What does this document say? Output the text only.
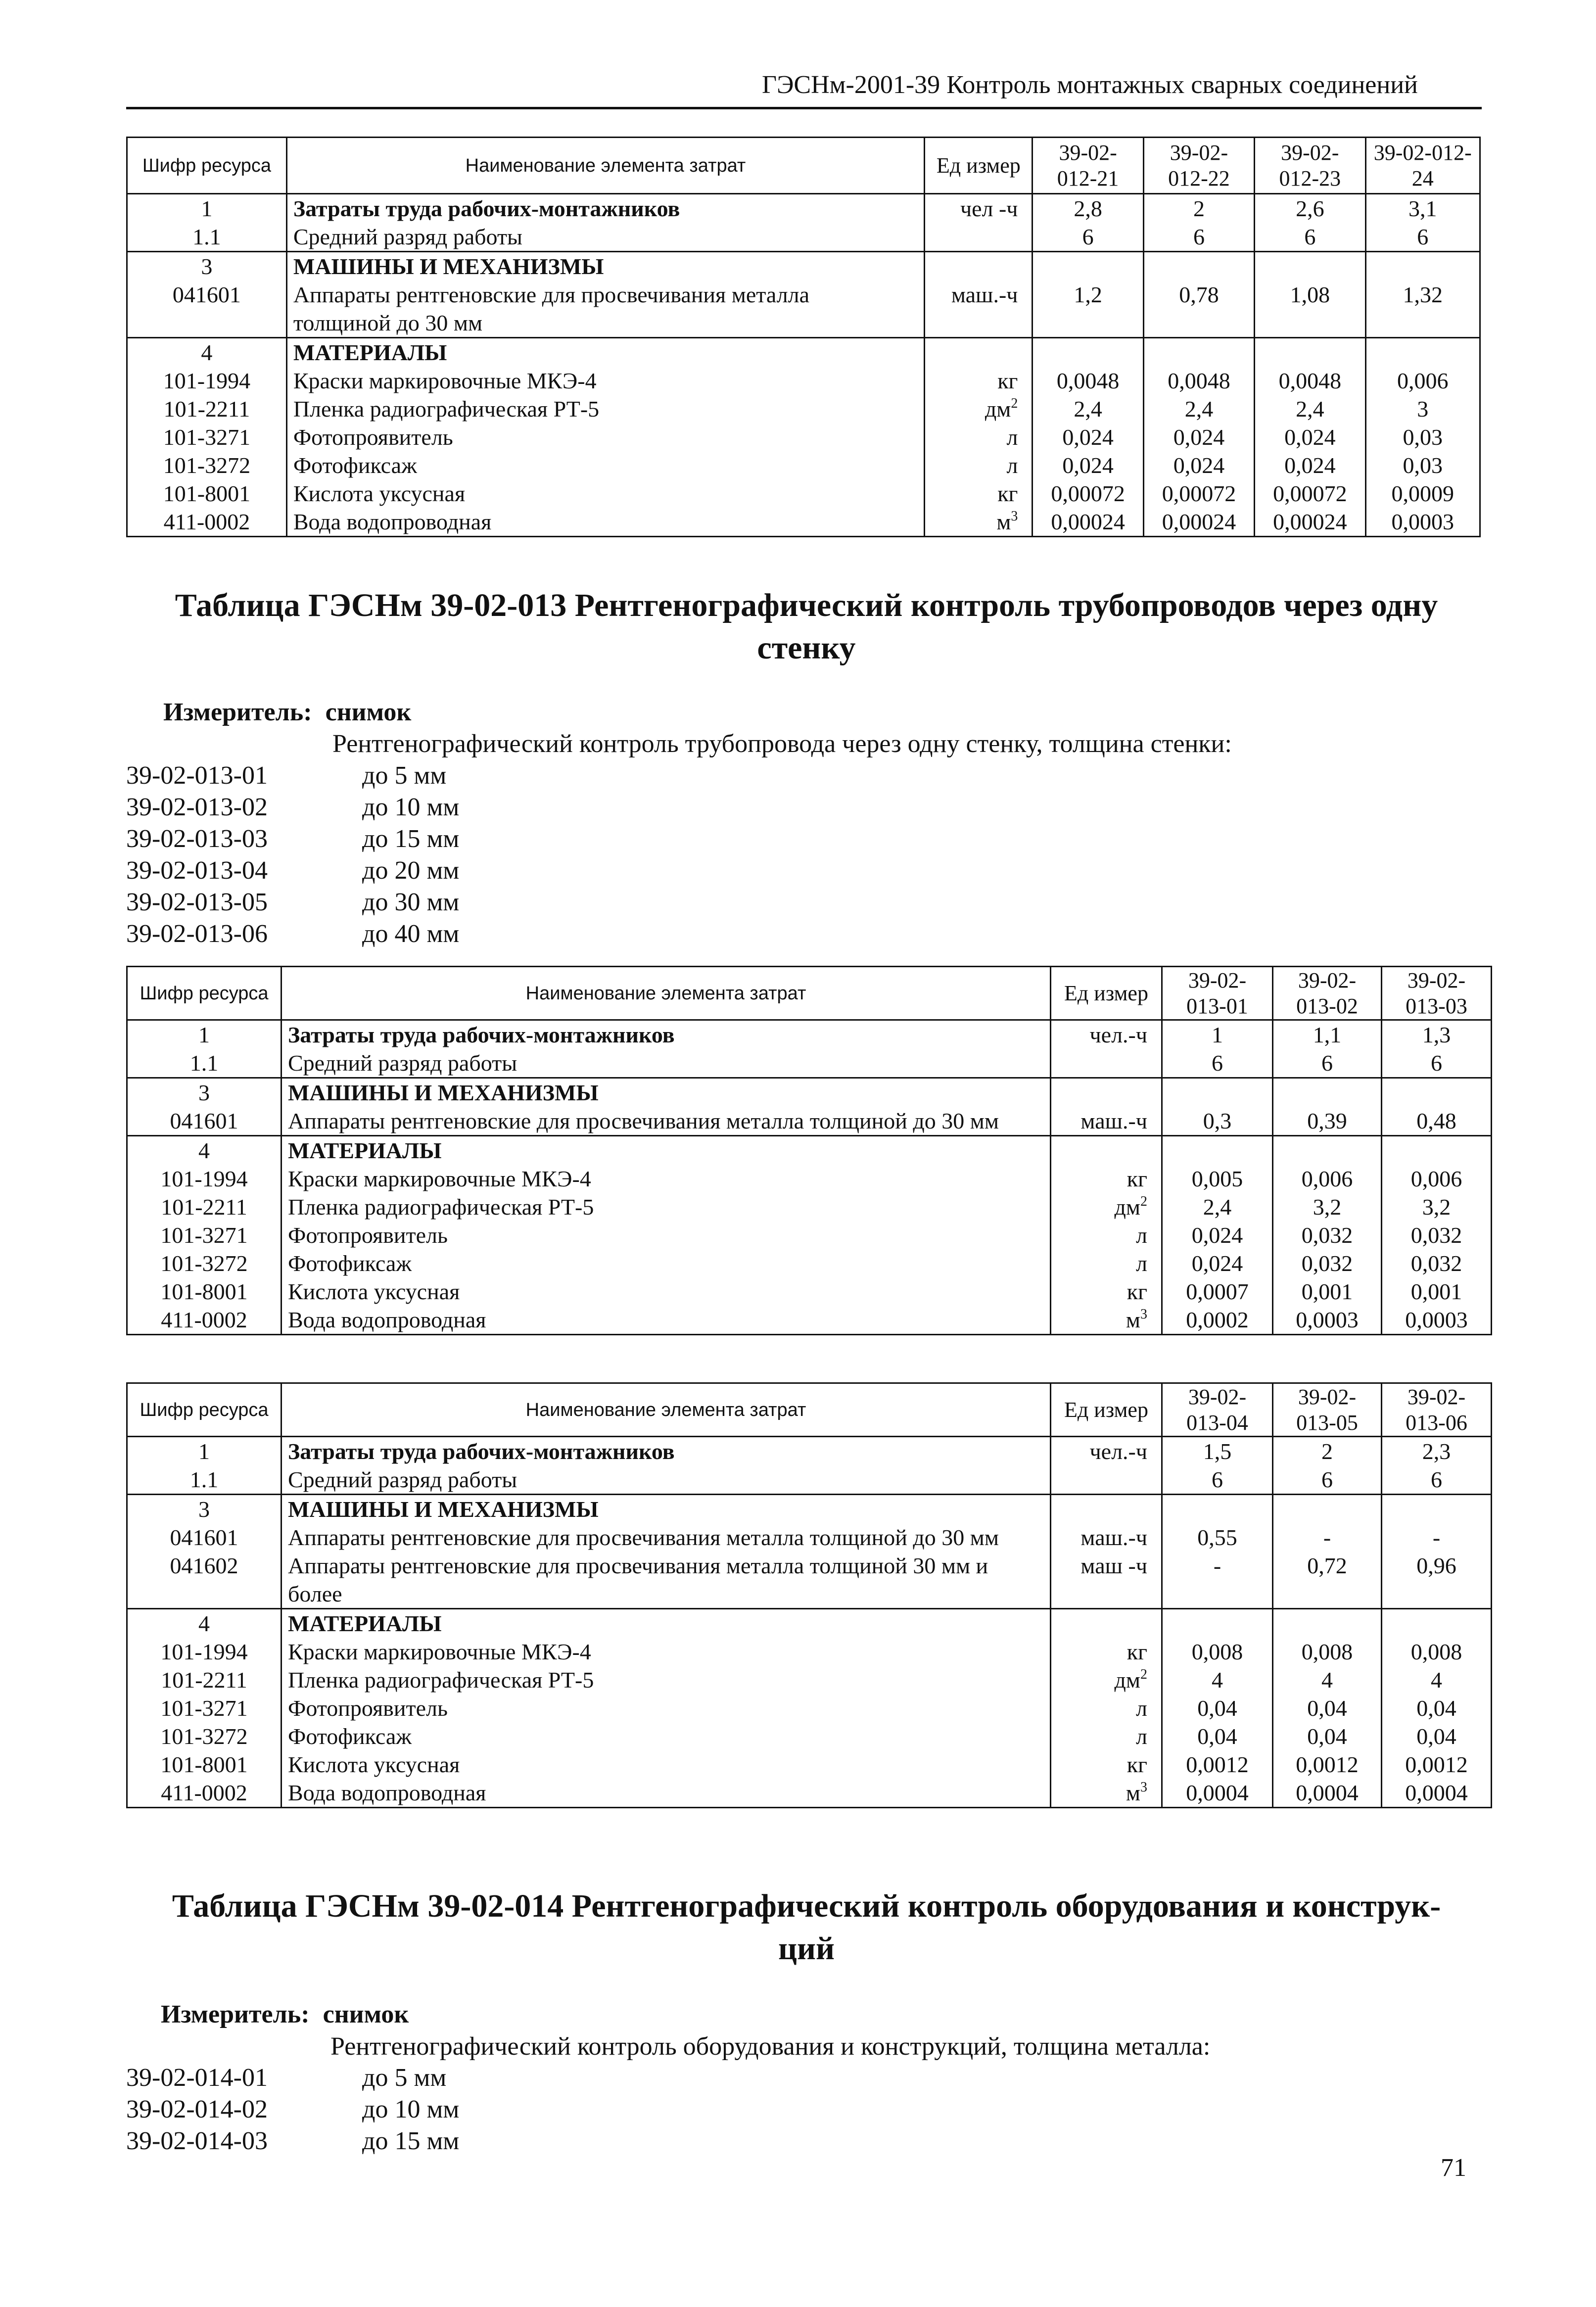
ГЭСНм-2001-39 Контроль монтажных сварных соединений
Шифр ресурса	Наименование элемента затрат	Ед измер	39-02-012-21	39-02-012-22	39-02-012-23	39-02-012-24
1	Затраты труда рабочих-монтажников	чел -ч	2,8	2	2,6	3,1
1.1	Средний разряд работы		6	6	6	6
3	МАШИНЫ И МЕХАНИЗМЫ					
041601	Аппараты рентгеновские для просвечивания металла толщиной до 30 мм	маш.-ч	1,2	0,78	1,08	1,32
4	МАТЕРИАЛЫ					
101-1994	Краски маркировочные МКЭ-4	кг	0,0048	0,0048	0,0048	0,006
101-2211	Пленка радиографическая РТ-5	$дм^2$	2,4	2,4	2,4	3
101-3271	Фотопроявитель	л	0,024	0,024	0,024	0,03
101-3272	Фотофиксаж	л	0,024	0,024	0,024	0,03
101-8001	Кислота уксусная	кг	0,00072	0,00072	0,00072	0,0009
411-0002	Вода водопроводная	$м^3$	0,00024	0,00024	0,00024	0,0003
Таблица ГЭСНм 39-02-013 Рентгенографический контроль трубопроводов через одну
стенку
Измеритель: снимок
Рентгенографический контроль трубопровода через одну стенку, толщина стенки:
Шифр ресурса	Наименование элемента затрат	Ед измер	39-02-013-01	39-02-013-02	39-02-013-03
1	Затраты труда рабочих-монтажников	чел.-ч	1	1,1	1,3
1.1	Средний разряд работы		6	6	6
3	МАШИНЫ И МЕХАНИЗМЫ				
041601	Аппараты рентгеновские для просвечивания металла толщиной до 30 мм	маш.-ч	0,3	0,39	0,48
4	МАТЕРИАЛЫ				
101-1994	Краски маркировочные МКЭ-4	кг	0,005	0,006	0,006
101-2211	Пленка радиографическая РТ-5	$дм^2$	2,4	3,2	3,2
101-3271	Фотопроявитель	л	0,024	0,032	0,032
101-3272	Фотофиксаж	л	0,024	0,032	0,032
101-8001	Кислота уксусная	кг	0,0007	0,001	0,001
411-0002	Вода водопроводная	$м^3$	0,0002	0,0003	0,0003
Шифр ресурса	Наименование элемента затрат	Ед измер	39-02-013-04	39-02-013-05	39-02-013-06
1	Затраты труда рабочих-монтажников	чел.-ч	1,5	2	2,3
1.1	Средний разряд работы		6	6	6
3	МАШИНЫ И МЕХАНИЗМЫ				
041601	Аппараты рентгеновские для просвечивания металла толщиной до 30 мм	маш.-ч	0,55	-	-
041602	Аппараты рентгеновские для просвечивания металла толщиной 30 мм и более	маш -ч	-	0,72	0,96
4	МАТЕРИАЛЫ				
101-1994	Краски маркировочные МКЭ-4	кг	0,008	0,008	0,008
101-2211	Пленка радиографическая РТ-5	$дм^2$	4	4	4
101-3271	Фотопроявитель	л	0,04	0,04	0,04
101-3272	Фотофиксаж	л	0,04	0,04	0,04
101-8001	Кислота уксусная	кг	0,0012	0,0012	0,0012
411-0002	Вода водопроводная	$м^3$	0,0004	0,0004	0,0004
Таблица ГЭСНм 39-02-014 Рентгенографический контроль оборудования и конструк-
ций
Измеритель: снимок
Рентгенографический контроль оборудования и конструкций, толщина металла:
71
39-02-013-01	до 5 мм
39-02-013-02	до 10 мм
39-02-013-03	до 15 мм
39-02-013-04	до 20 мм
39-02-013-05	до 30 мм
39-02-013-06	до 40 мм
39-02-014-01	до 5 мм
39-02-014-02	до 10 мм
39-02-014-03	до 15 мм
